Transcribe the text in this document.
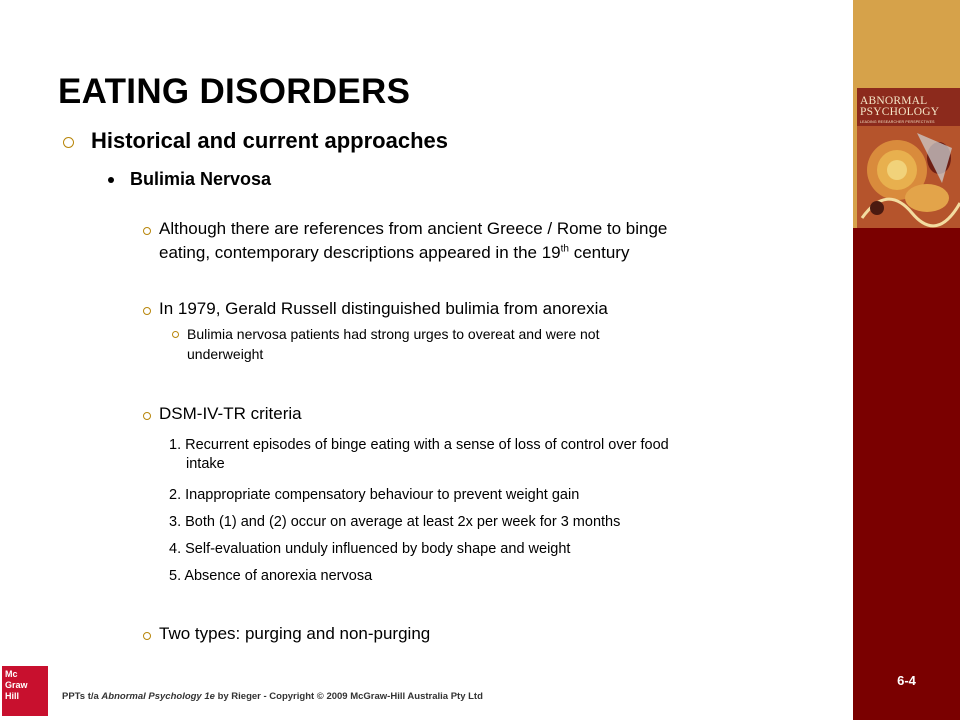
ABNORMAL
PSYCHOLOGY
LEADING RESEARCHER PERSPECTIVES
6-4
EATING DISORDERS
Historical and current approaches
Bulimia Nervosa
Although there are references from ancient Greece / Rome to binge
eating, contemporary descriptions appeared in the 19th century
In 1979, Gerald Russell distinguished bulimia from anorexia
Bulimia nervosa patients had strong urges to overeat and were not
underweight
DSM-IV-TR criteria
1. Recurrent episodes of binge eating with a sense of loss of control over food
intake
2. Inappropriate compensatory behaviour to prevent weight gain
3. Both (1) and (2) occur on average at least 2x per week for 3 months
4. Self-evaluation unduly influenced by body shape and weight
5. Absence of anorexia nervosa
Two types: purging and non-purging
Mc
Graw
Hill	PPTs t/a Abnormal Psychology 1e by Rieger - Copyright © 2009 McGraw-Hill Australia Pty Ltd
